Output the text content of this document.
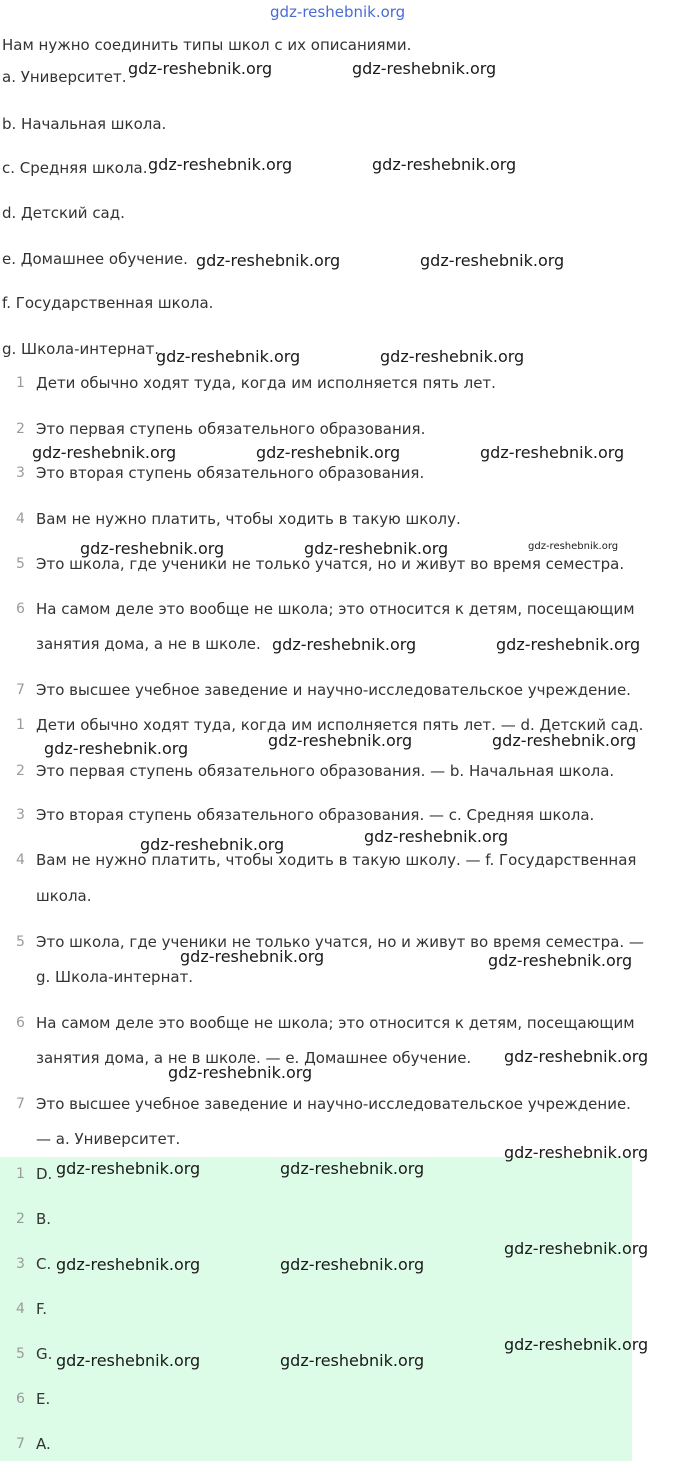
gdz-reshebnik.org
Нам нужно соединить типы школ с их описаниями.
a. Университет.
b. Начальная школа.
c. Средняя школа.
d. Детский сад.
e. Домашнее обучение.
f. Государственная школа.
g. Школа-интернат.
1 Дети обычно ходят туда, когда им исполняется пять лет.
2 Это первая ступень обязательного образования.
3 Это вторая ступень обязательного образования.
4 Вам не нужно платить, чтобы ходить в такую школу.
5 Это школа, где ученики не только учатся, но и живут во время семестра.
6 На самом деле это вообще не школа; это относится к детям, посещающим
занятия дома, а не в школе.
7 Это высшее учебное заведение и научно-исследовательское учреждение.
1 Дети обычно ходят туда, когда им исполняется пять лет. — d. Детский сад.
2 Это первая ступень обязательного образования. — b. Начальная школа.
3 Это вторая ступень обязательного образования. — c. Средняя школа.
4 Вам не нужно платить, чтобы ходить в такую школу. — f. Государственная
школа.
5 Это школа, где ученики не только учатся, но и живут во время семестра. —
g. Школа-интернат.
6 На самом деле это вообще не школа; это относится к детям, посещающим
занятия дома, а не в школе. — e. Домашнее обучение.
7 Это высшее учебное заведение и научно-исследовательское учреждение.
— a. Университет.
1 D.
2 B.
3 C.
4 F.
5 G.
6 E.
7 A.
gdz-reshebnik.org	gdz-reshebnik.org
gdz-reshebnik.org	gdz-reshebnik.org
gdz-reshebnik.org	gdz-reshebnik.org
gdz-reshebnik.org	gdz-reshebnik.org
gdz-reshebnik.org	gdz-reshebnik.org	gdz-reshebnik.org
gdz-reshebnik.org	gdz-reshebnik.org	gdz-reshebnik.org
gdz-reshebnik.org	gdz-reshebnik.org
gdz-reshebnik.org	gdz-reshebnik.org	gdz-reshebnik.org
gdz-reshebnik.org	gdz-reshebnik.org
gdz-reshebnik.org	gdz-reshebnik.org
gdz-reshebnik.org
gdz-reshebnik.org
gdz-reshebnik.org
gdz-reshebnik.org	gdz-reshebnik.org
gdz-reshebnik.org
gdz-reshebnik.org	gdz-reshebnik.org
gdz-reshebnik.org
gdz-reshebnik.org	gdz-reshebnik.org
